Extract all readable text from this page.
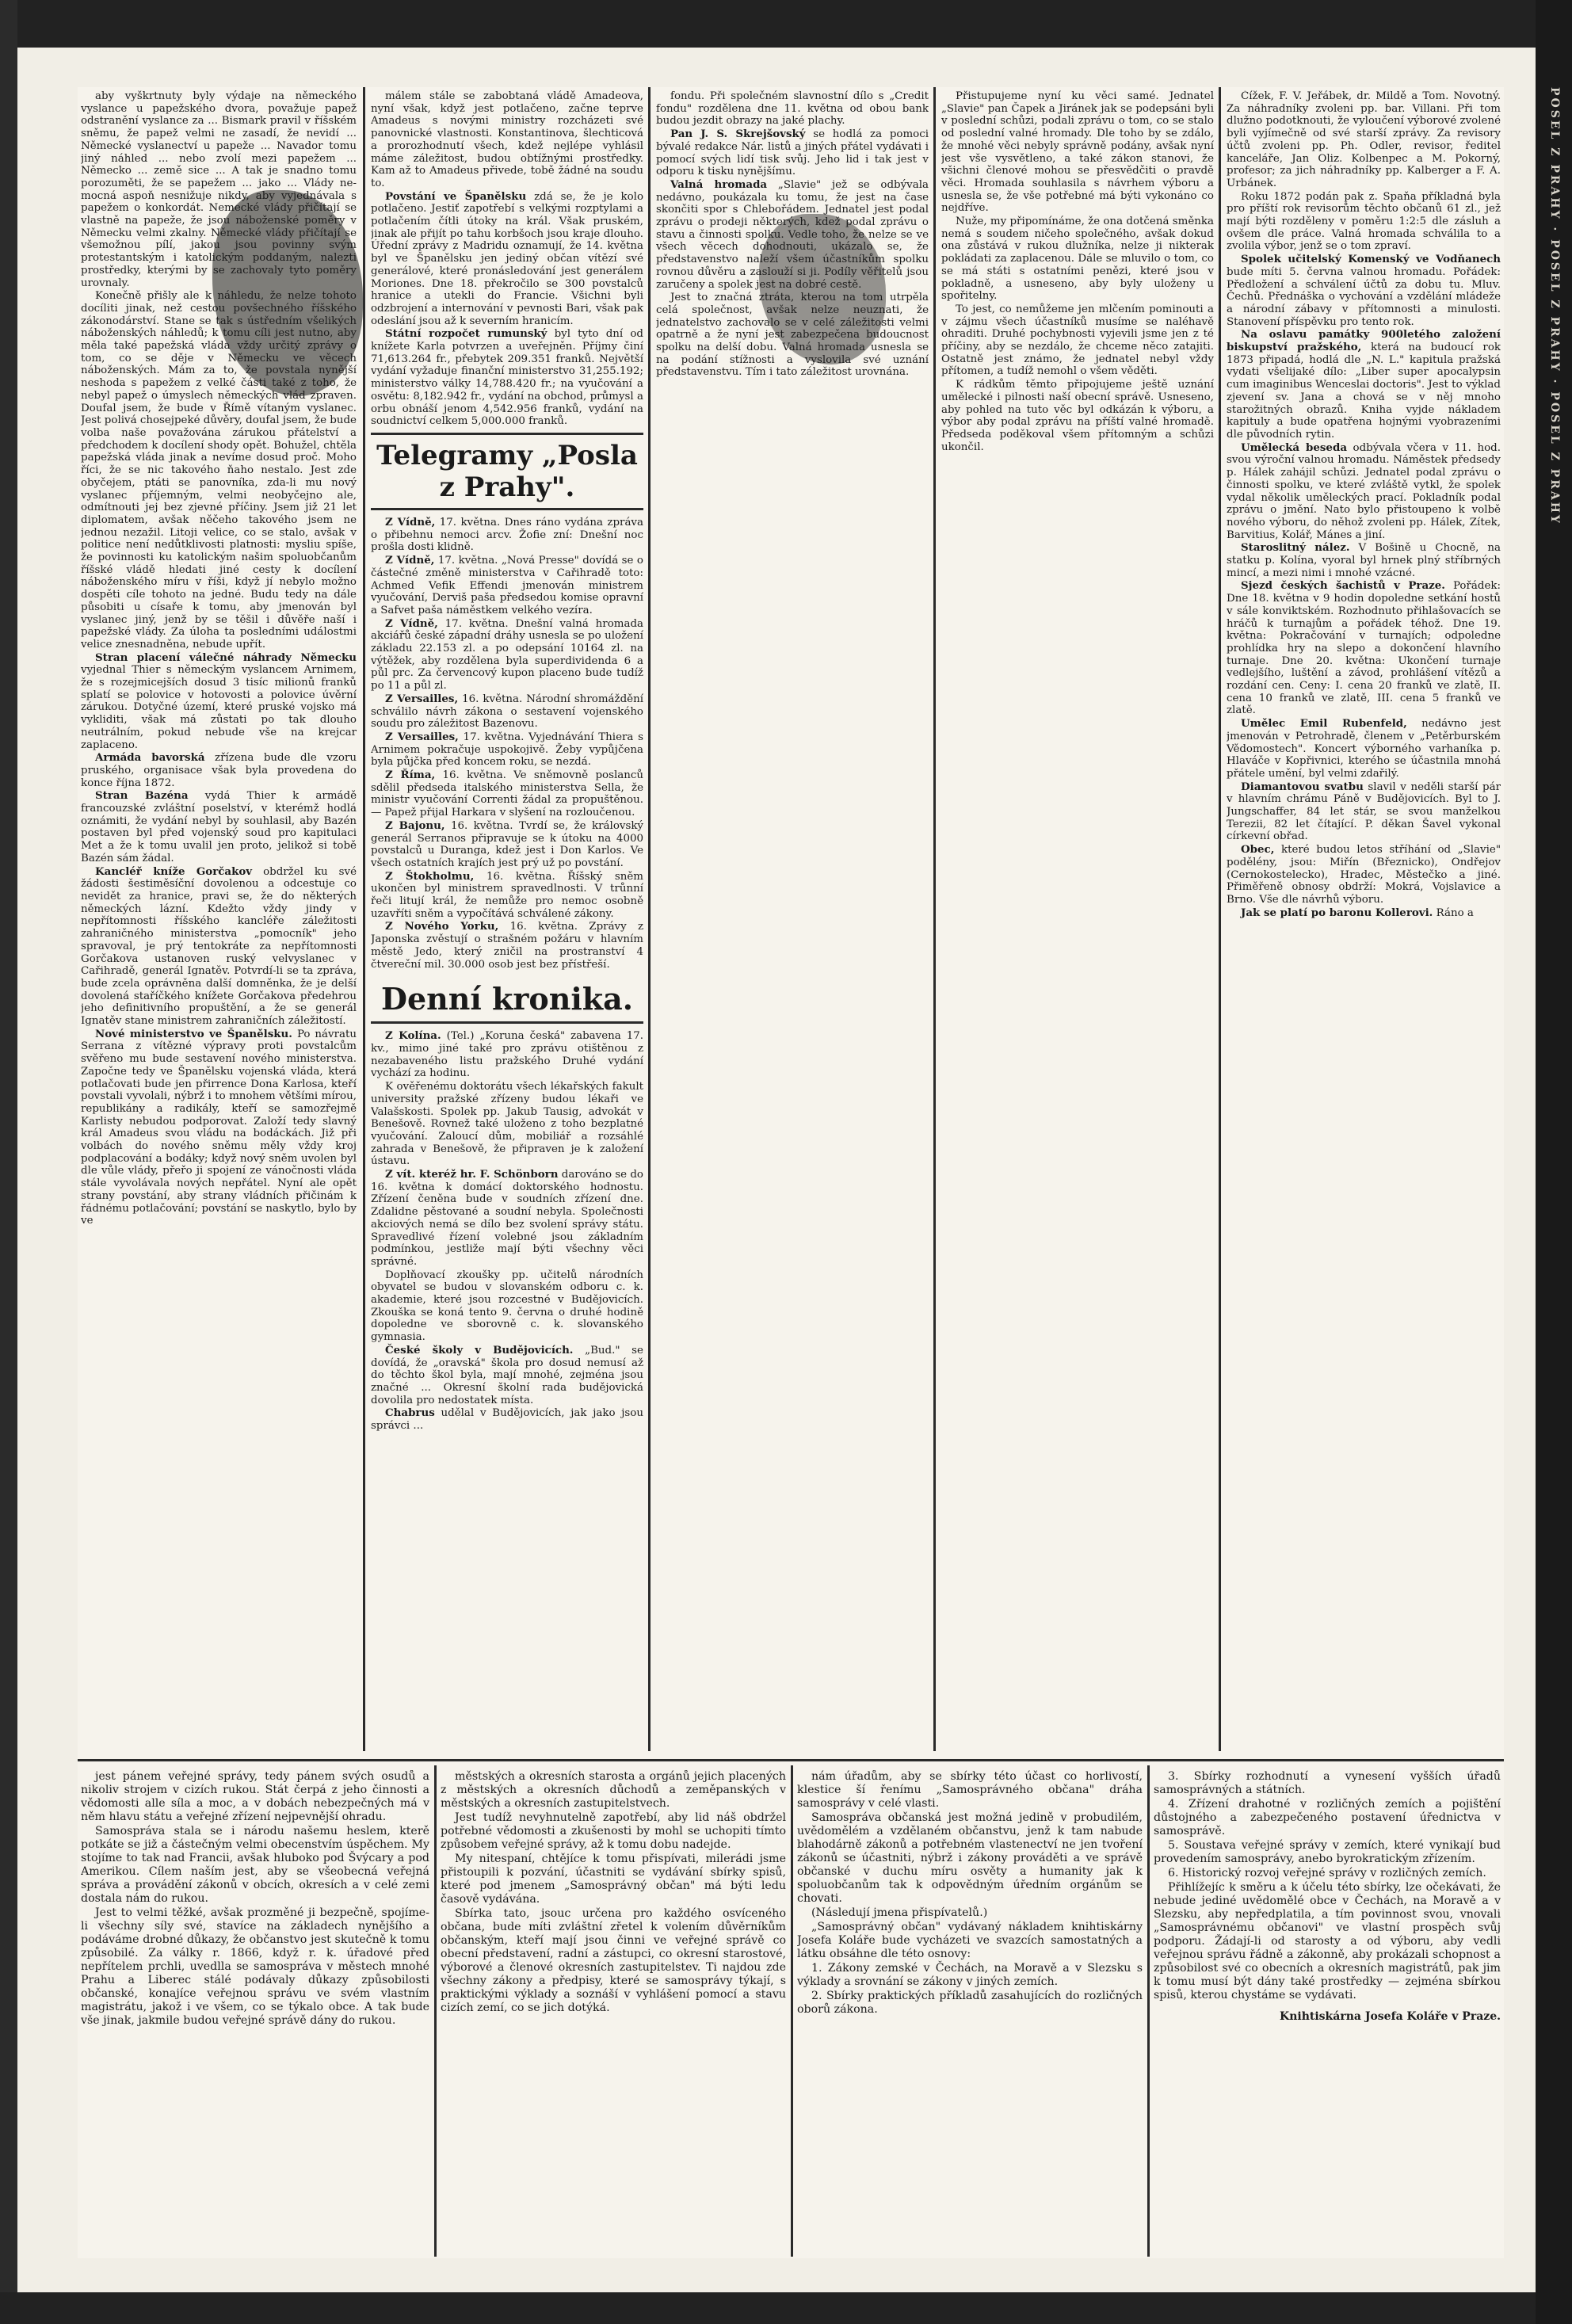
POSEL Z PRAHY · POSEL Z PRAHY · POSEL Z PRAHY

aby vyškrtnuty byly výdaje na německého vyslance u papežského dvora, považuje papež odstranění vyslance za ... Bismark pravil v říšském sněmu, že papež velmi ne zasadí, že nevidí ... Německé vyslanectví u papeže ... Navador tomu jiný náhled ... nebo zvolí mezi papežem ... Německo ... země sice ... A tak je snadno tomu porozuměti, že se papežem ... jako ... Vlády ne-mocná aspoň nesnižuje nikdy, aby vyjednávala s papežem o konkordát. Nemecké vlády přičítají se vlastně na papeže, že jsou náboženské poměry v Německu velmi zkalny. Německé vlády přičítají se všemožnou pílí, jakou jsou povinny svým protestantským i katolickým poddaným, nalezti prostředky, kterými by se zachovaly tyto poměry urovnaly.

Konečně přišly ale k náhledu, že nelze tohoto docíliti jinak, než cestou povšechného říšského zákonodárství. Stane se tak s ústředním všelikých náboženských náhledů; k tomu cíli jest nutno, aby měla také papežská vláda vždy určitý zprávy o tom, co se děje v Německu ve věcech náboženských. Mám za to, že povstala nynější neshoda s papežem z velké části také z toho, že nebyl papež o úmyslech německých vlád zpraven. Doufal jsem, že bude v Římě vítaným vyslanec. Jest polivá chosejpeké důvěry, doufal jsem, že bude volba naše považována zárukou přátelství a předchodem k docílení shody opět. Bohužel, chtěla papežská vláda jinak a nevíme dosud proč. Moho říci, že se nic takového ňaho nestalo. Jest zde obyčejem, ptáti se panovníka, zda-li mu nový vyslanec příjemným, velmi neobyčejno ale, odmítnouti jej bez zjevné příčiny. Jsem již 21 let diplomatem, avšak něčeho takového jsem ne jednou nezažil. Litoji velice, co se stalo, avšak v politice není nedůtklivosti platnosti: mysliu spíše, že povinnosti ku katolickým našim spoluobčanům říšské vládě hledati jiné cesty k docílení náboženského míru v říši, když jí nebylo možno dospěti cíle tohoto na jedné. Budu tedy na dále působiti u císaře k tomu, aby jmenován byl vyslanec jiný, jenž by se těšil i důvěře naší i papežské vlády. Za úloha ta posledními událostmi velice znesnadněna, nebude upřít.

Stran placení válečné náhrady Německu vyjednal Thier s německým vyslancem Arnimem, že s rozejmicejších dosud 3 tisíc milionů franků splatí se polovice v hotovosti a polovice úvěrní zárukou. Dotyčné území, které pruské vojsko má vykliditi, však má zůstati po tak dlouho neutrálním, pokud nebude vše na krejcar zaplaceno.

Armáda bavorská zřízena bude dle vzoru pruského, organisace však byla provedena do konce října 1872.

Stran Bazéna vydá Thier k armádě francouzské zvláštní poselství, v kterémž hodlá oznámiti, že vydání nebyl by souhlasil, aby Bazén postaven byl před vojenský soud pro kapitulaci Met a že k tomu uvalil jen proto, jelikož si tobě Bazén sám žádal.

Kancléř kníže Gorčakov obdržel ku své žádosti šestiměsíční dovolenou a odcestuje co nevidět za hranice, pravi se, že do některých německých lázní. Kdežto vždy jindy v nepřítomnosti říšského kancléře záležitosti zahraničného ministerstva „pomocník" jeho spravoval, je prý tentokráte za nepřítomnosti Gorčakova ustanoven ruský velvyslanec v Cařihradě, generál Ignatěv. Potvrdí-li se ta zpráva, bude zcela oprávněna další domněnka, že je delší dovolená staříčkého knížete Gorčakova předehrou jeho definitivního propuštění, a že se generál Ignatěv stane ministrem zahraničních záležitostí.

Nové ministerstvo ve Španělsku. Po návratu Serrana z vítězné výpravy proti povstalcům svěřeno mu bude sestavení nového ministerstva. Započne tedy ve Španělsku vojenská vláda, která potlačovati bude jen přirrence Dona Karlosa, kteří povstali vyvolali, nýbrž i to mnohem většími mírou, republikány a radikály, kteří se samozřejmě Karlisty nebudou podporovat. Založí tedy slavný král Amadeus svou vládu na bodáckách. Již při volbách do nového sněmu měly vždy kroj podplacování a bodáky; když nový sněm uvolen byl dle vůle vlády, přeřo ji spojení ze vánočnosti vláda stále vyvolávala nových nepřátel. Nyní ale opět strany povstání, aby strany vládních přičinám k řádnému potlačování; povstání se naskytlo, bylo by ve

málem stále se zabobtaná vládě Amadeova, nyní však, když jest potlačeno, začne teprve Amadeus s novými ministry rozcházeti své panovnické vlastnosti. Konstantinova, šlechticová a prorozhodnutí všech, kdež nejlépe vyhlásil máme záležitost, budou obtížnými prostředky. Kam až to Amadeus přivede, tobě žádné na soudu to.

Povstání ve Španělsku zdá se, že je kolo potlačeno. Jestiť zapotřebí s velkými rozptylami a potlačením čítli útoky na král. Však pruském, jinak ale přijít po tahu korbšoch jsou kraje dlouho. Úřední zprávy z Madridu oznamují, že 14. května byl ve Španělsku jen jediný občan vítězí své generálové, které pronásledování jest generálem Moriones. Dne 18. překročilo se 300 povstalců hranice a utekli do Francie. Všichni byli odzbrojení a internování v pevnosti Bari, však pak odeslání jsou až k severním hranicím.

Státní rozpočet rumunský byl tyto dní od knížete Karla potvrzen a uveřejněn. Příjmy činí 71,613.264 fr., přebytek 209.351 franků. Největší vydání vyžaduje finanční ministerstvo 31,255.192; ministerstvo války 14,788.420 fr.; na vyučování a osvětu: 8,182.942 fr., vydání na obchod, průmysl a orbu obnáší jenom 4,542.956 franků, vydání na soudnictví celkem 5,000.000 franků.

Telegramy „Posla z Prahy".

Z Vídně, 17. května. Dnes ráno vydána zpráva o přibehnu nemoci arcv. Žofie zní: Dnešní noc prošla dosti klidně.

Z Vídně, 17. května. „Nová Presse" dovídá se o částečné změně ministerstva v Cařihradě toto: Achmed Vefik Effendi jmenován ministrem vyučování, Derviš paša předsedou komise opravní a Safvet paša náměstkem velkého vezíra.

Z Vídně, 17. května. Dnešní valná hromada akciářů české západní dráhy usnesla se po uložení základu 22.153 zl. a po odepsání 10164 zl. na výtěžek, aby rozdělena byla superdividenda 6 a půl prc. Za červencový kupon placeno bude tudíž po 11 a půl zl.

Z Versailles, 16. května. Národní shromáždění schválilo návrh zákona o sestavení vojenského soudu pro záležitost Bazenovu.

Z Versailles, 17. května. Vyjednávání Thiera s Arnimem pokračuje uspokojivě. Žeby vypůjčena byla půjčka před koncem roku, se nezdá.

Z Říma, 16. května. Ve sněmovně poslanců sdělil předseda italského ministerstva Sella, že ministr vyučování Correnti žádal za propuštěnou. — Papež přijal Harkara v slyšení na rozloučenou.

Z Bajonu, 16. května. Tvrdí se, že královský generál Serranos připravuje se k útoku na 4000 povstalců u Duranga, kdež jest i Don Karlos. Ve všech ostatních krajích jest prý už po povstání.

Z Štokholmu, 16. května. Říšský sněm ukončen byl ministrem spravedlnosti. V trůnní řeči litují král, že nemůže pro nemoc osobně uzavříti sněm a vypočítává schválené zákony.

Z Nového Yorku, 16. května. Zprávy z Japonska zvěstují o strašném požáru v hlavním městě Jedo, který zničil na prostranství 4 čtvereční mil. 30.000 osob jest bez přístřeší.

Denní kronika.

Z Kolína. (Tel.) „Koruna česká" zabavena 17. kv., mimo jiné také pro zprávu otištěnou z nezabaveného listu pražského Druhé vydání vychází za hodinu.

K ověřenému doktorátu všech lékařských fakult university pražské zřízeny budou lékaři ve Valašskosti. Spolek pp. Jakub Tausig, advokát v Benešově. Rovnež také uloženo z toho bezplatné vyučování. Zaloucí dům, mobiliář a rozsáhlé zahrada v Benešově, že připraven je k založení ústavu.

Z vít. kteréž hr. F. Schönborn darováno se do 16. května k domácí doktorského hodnostu. Zřízení čeněna bude v soudních zřízení dne. Zdalidne pěstované a soudní nebyla. Společnosti akciových nemá se dílo bez svolení správy státu. Spravedlivé řízení volebné jsou základním podmínkou, jestliže mají býti všechny věci správné.

Doplňovací zkoušky pp. učitelů národních obyvatel se budou v slovanském odboru c. k. akademie, které jsou rozcestné v Budějovicích. Zkouška se koná tento 9. června o druhé hodině dopoledne ve sborovně c. k. slovanského gymnasia.

České školy v Budějovicích. „Bud." se dovídá, že „oravská" škola pro dosud nemusí až do těchto škol byla, mají mnohé, zejména jsou značné ... Okresní školní rada budějovická dovolila pro nedostatek místa.

Chabrus udělal v Budějovicích, jak jako jsou správci ...

fondu. Při společném slavnostní dílo s „Credit fondu" rozdělena dne 11. května od obou bank budou jezdit obrazy na jaké plachy.

Pan J. S. Skrejšovský se hodlá za pomoci bývalé redakce Nár. listů a jiných přátel vydávati i pomocí svých lidí tisk svůj. Jeho lid i tak jest v odporu k tisku nynějšímu.

Valná hromada „Slavie" jež se odbývala nedávno, poukázala ku tomu, že jest na čase skončiti spor s Chlebořádem. Jednatel jest podal zprávu o prodeji některých, kdež podal zprávu o stavu a činnosti spolku. Vedle toho, že nelze se ve všech věcech dohodnouti, ukázalo se, že představenstvo naleží všem účastníkům spolku rovnou důvěru a zaslouží si ji. Podíly věřitelů jsou zaručeny a spolek jest na dobré cestě.

Jest to značná ztráta, kterou na tom utrpěla celá společnost, avšak nelze neuznati, že jednatelstvo zachovalo se v celé záležitosti velmi opatrně a že nyní jest zabezpečena budoucnost spolku na delší dobu. Valná hromada usnesla se na podání stížnosti a vyslovila své uznání představenstvu. Tím i tato záležitost urovnána.

Přistupujeme nyní ku věci samé. Jednatel „Slavie" pan Čapek a Jiránek jak se podepsáni byli v poslední schůzi, podali zprávu o tom, co se stalo od poslední valné hromady. Dle toho by se zdálo, že mnohé věci nebyly správně podány, avšak nyní jest vše vysvětleno, a také zákon stanovi, že všichni členové mohou se přesvědčiti o pravdě věci. Hromada souhlasila s návrhem výboru a usnesla se, že vše potřebné má býti vykonáno co nejdříve.

Nuže, my připomínáme, že ona dotčená směnka nemá s soudem ničeho společného, avšak dokud ona zůstává v rukou dlužníka, nelze ji nikterak pokládati za zaplacenou. Dále se mluvilo o tom, co se má státi s ostatními penězi, které jsou v pokladně, a usneseno, aby byly uloženy u spořitelny.

To jest, co nemůžeme jen mlčením pominouti a v zájmu všech účastníků musíme se naléhavě ohraditi. Druhé pochybnosti vyjevili jsme jen z té příčiny, aby se nezdálo, že chceme něco zatajiti. Ostatně jest známo, že jednatel nebyl vždy přítomen, a tudíž nemohl o všem věděti.

K rádkům těmto připojujeme ještě uznání umělecké i pilnosti naší obecní správě. Usneseno, aby pohled na tuto věc byl odkázán k výboru, a výbor aby podal zprávu na příští valné hromadě. Předseda poděkoval všem přítomným a schůzi ukončil.

Čížek, F. V. Jeřábek, dr. Mildě a Tom. Novotný. Za náhradníky zvoleni pp. bar. Villani. Při tom dlužno podotknouti, že vyloučení výborové zvolené byli vyjímečně od své starší zprávy. Za revisory účtů zvoleni pp. Ph. Odler, revisor, ředitel kanceláře, Jan Oliz. Kolbenpec a M. Pokorný, profesor; za jich náhradníky pp. Kalberger a F. A. Urbánek.

Roku 1872 podán pak z. Spaňa příkladná byla pro příští rok revisorům těchto občanů 61 zl., jež mají býti rozděleny v poměru 1:2:5 dle zásluh a ovšem dle práce. Valná hromada schválila to a zvolila výbor, jenž se o tom zpraví.

Spolek učitelský Komenský ve Vodňanech bude míti 5. června valnou hromadu. Pořádek: Předložení a schválení účtů za dobu tu. Mluv. Čechů. Přednáška o vychování a vzdělání mládeže a národní zábavy v přítomnosti a minulosti. Stanovení příspěvku pro tento rok.

Na oslavu památky 900letého založení biskupství pražského, která na budoucí rok 1873 připadá, hodlá dle „N. L." kapitula pražská vydati všelijaké dílo: „Liber super apocalypsin cum imaginibus Wenceslai doctoris". Jest to výklad zjevení sv. Jana a chová se v něj mnoho starožitných obrazů. Kniha vyjde nákladem kapituly a bude opatřena hojnými vyobrazeními dle původních rytin.

Umělecká beseda odbývala včera v 11. hod. svou výroční valnou hromadu. Náměstek předsedy p. Hálek zahájil schůzi. Jednatel podal zprávu o činnosti spolku, ve které zvláště vytkl, že spolek vydal několik uměleckých prací. Pokladník podal zprávu o jmění. Nato bylo přistoupeno k volbě nového výboru, do něhož zvoleni pp. Hálek, Zítek, Barvitius, Kolář, Mánes a jiní.

Staroslitný nález. V Bošině u Chocně, na statku p. Kolína, vyoral byl hrnek plný stříbrných mincí, a mezi nimi i mnohé vzácné.

Sjezd českých šachistů v Praze. Pořádek: Dne 18. května v 9 hodin dopoledne setkání hostů v sále konviktském. Rozhodnuto přihlašovacích se hráčů k turnajům a pořádek téhož. Dne 19. května: Pokračování v turnajích; odpoledne prohlídka hry na slepo a dokončení hlavního turnaje. Dne 20. května: Ukončení turnaje vedlejšího, luštění a závod, prohlášení vítězů a rozdání cen. Ceny: I. cena 20 franků ve zlatě, II. cena 10 franků ve zlatě, III. cena 5 franků ve zlatě.

Umělec Emil Rubenfeld, nedávno jest jmenován v Petrohradě, členem v „Petěrburském Vědomostech". Koncert výborného varhaníka p. Hlaváče v Kopřivnici, kterého se účastnila mnohá přátele umění, byl velmi zdařilý.

Diamantovou svatbu slavil v neděli starší pár v hlavním chrámu Páně v Budějovicích. Byl to J. Jungschaffer, 84 let stár, se svou manželkou Terezii, 82 let čítající. P. děkan Šavel vykonal církevní obřad.

Obec, které budou letos stříhání od „Slavie" podělény, jsou: Miřín (Březnicko), Ondřejov (Cernokostelecko), Hradec, Městečko a jiné. Přiměřeně obnosy obdrží: Mokrá, Vojslavice a Brno. Vše dle návrhů výboru.

Jak se platí po baronu Kollerovi. Ráno a

jest pánem veřejné správy, tedy pánem svých osudů a nikoliv strojem v cizích rukou. Stát čerpá z jeho činnosti a vědomosti alle síla a moc, a v dobách nebezpečných má v něm hlavu státu a veřejné zřízení nejpevnější ohradu.

Samospráva stala se i národu našemu heslem, kterě potkáte se již a částečným velmi obecenstvím úspěchem. My stojíme to tak nad Francii, avšak hluboko pod Švýcary a pod Amerikou. Cílem naším jest, aby se všeobecná veřejná správa a provádění zákonů v obcích, okresích a v celé zemi dostala nám do rukou.

Jest to velmi těžké, avšak prozměné ji bezpečně, spojíme-li všechny síly své, stavíce na základech nynějšího a podáváme drobné důkazy, že občanstvo jest skutečně k tomu způsobilé. Za války r. 1866, když r. k. úřadové před nepřítelem prchli, uvedlla se samospráva v městech mnohé Prahu a Liberec stálé podávaly důkazy způsobilosti občanské, konajíce veřejnou správu ve svém vlastním magistrátu, jakož i ve všem, co se týkalo obce. A tak bude vše jinak, jakmile budou veřejné správě dány do rukou.

městských a okresních starosta a orgánů jejich placených z městských a okresních důchodů a zeměpanských v městských a okresních zastupitelstvech.

Jest tudíž nevyhnutelně zapotřebí, aby lid náš obdržel potřebné vědomosti a zkušenosti by mohl se uchopiti tímto způsobem veřejné správy, až k tomu dobu nadejde.

My nitespaní, chtějíce k tomu přispívati, milerádi jsme přistoupili k pozvání, účastniti se vydávání sbírky spisů, které pod jmenem „Samosprávný občan" má býti ledu časově vydávána.

Sbírka tato, jsouc určena pro každého osvíceného občana, bude míti zvláštní zřetel k volením důvěrníkům občanským, kteří mají jsou činni ve veřejné správě co obecní představení, radní a zástupci, co okresní starostové, výborové a členové okresních zastupitelstev. Ti najdou zde všechny zákony a předpisy, které se samosprávy týkají, s praktickými výklady a soznáší v vyhlášení pomocí a stavu cizích zemí, co se jich dotýká.

nám úřadům, aby se sbírky této účast co horlivostí, klestice ší řenímu „Samosprávného občana" dráha samosprávy v celé vlasti.

Samospráva občanská jest možná jedině v probudilém, uvědomělém a vzdělaném občanstvu, jenž k tam nabude blahodárně zákonů a potřebném vlastenectví ne jen tvoření zákonů se účastniti, nýbrž i zákony prováděti a ve správě občanské v duchu míru osvěty a humanity jak k spoluobčanům tak k odpovědným úředním orgánům se chovati.

(Následují jmena přispívatelů.)

„Samosprávný občan" vydávaný nákladem knihtiskárny Josefa Koláře bude vycházeti ve svazcích samostatných a látku obsáhne dle této osnovy:

1. Zákony zemské v Čechách, na Moravě a v Slezsku s výklady a srovnání se zákony v jiných zemích.

2. Sbírky praktických příkladů zasahujících do rozličných oborů zákona.

3. Sbírky rozhodnutí a vynesení vyšších úřadů samosprávných a státních.

4. Zřízení drahotné v rozličných zemích a pojištění důstojného a zabezpečeného postavení úřednictva v samosprávě.

5. Soustava veřejné správy v zemích, které vynikají bud provedením samosprávy, anebo byrokratickým zřízením.

6. Historický rozvoj veřejné správy v rozličných zemích.

Přihlížejíc k směru a k účelu této sbírky, lze očekávati, že nebude jediné uvědomělé obce v Čechách, na Moravě a v Slezsku, aby nepředplatila, a tím povinnost svou, vnovali „Samosprávnému občanovi" ve vlastní prospěch svůj podporu. Žádají-li od starosty a od výboru, aby vedli veřejnou správu řádně a zákonně, aby prokázali schopnost a způsobilost své co obecních a okresních magistrátů, pak jim k tomu musí být dány také prostředky — zejména sbírkou spisů, kterou chystáme se vydávati.

Knihtiskárna Josefa Koláře v Praze.
